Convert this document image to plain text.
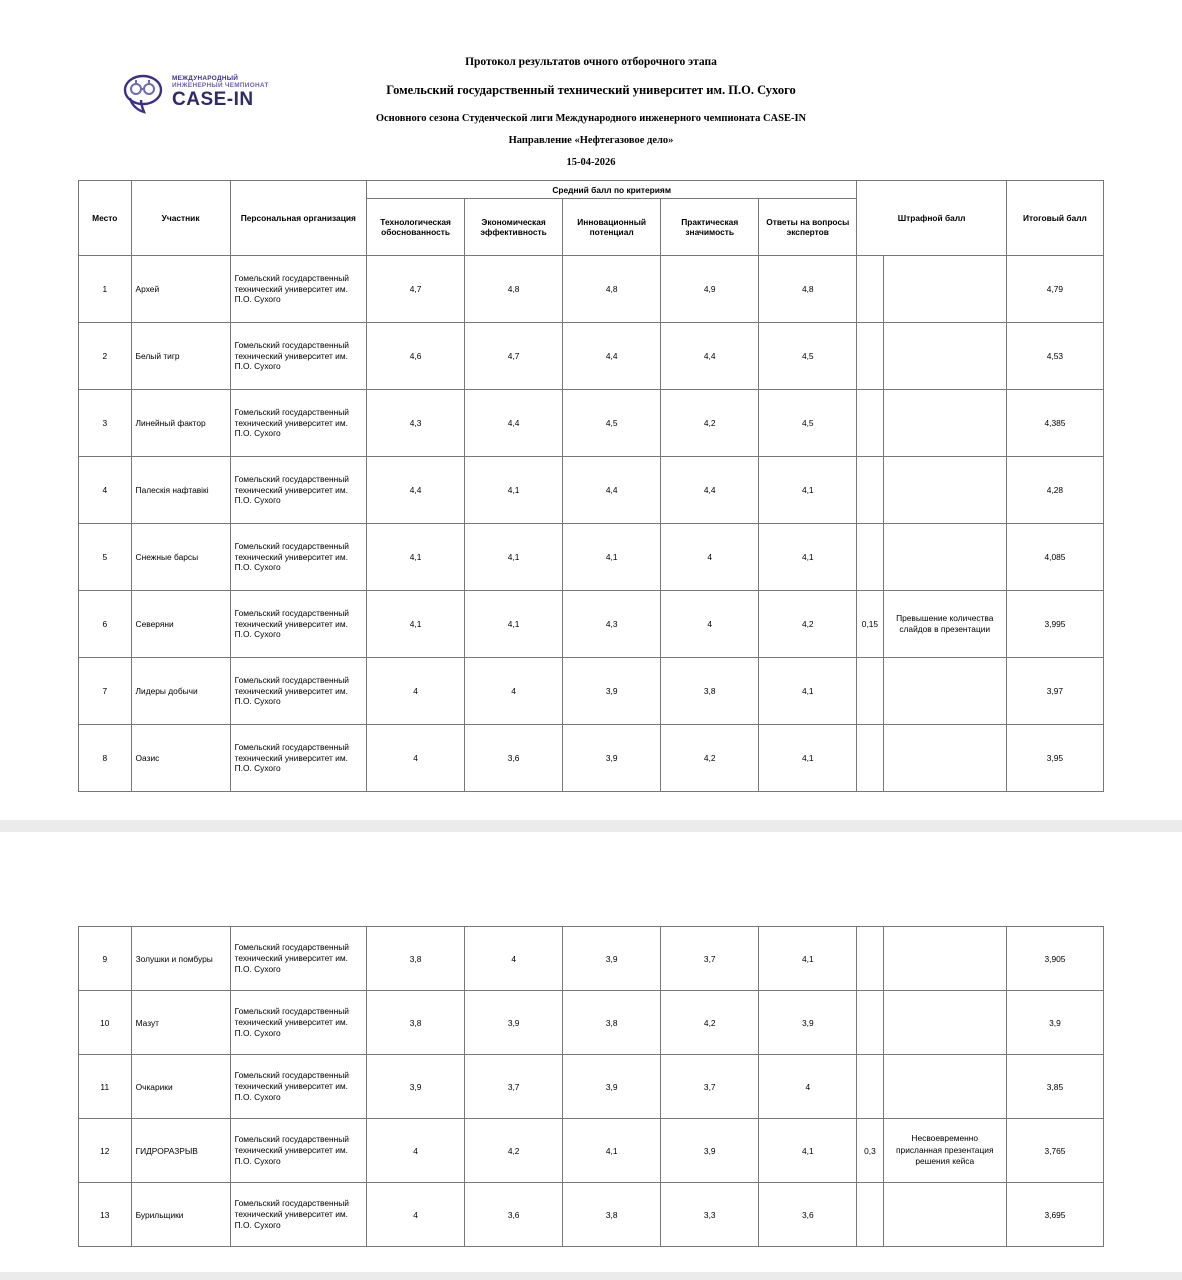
МЕЖДУНАРОДНЫЙ
ИНЖЕНЕРНЫЙ ЧЕМПИОНАТ
CASE-IN
Протокол результатов очного отборочного этапа
Гомельский государственный технический университет им. П.О. Сухого
Основного сезона Студенческой лиги Международного инженерного чемпионата CASE-IN
Направление «Нефтегазовое дело»
15-04-2026
Место	Участник	Персональная организация	Средний балл по критериям					Штрафной балл		Итоговый балл
			Технологическая обоснованность	Экономическая эффективность	Инновационный потенциал	Практическая значимость	Ответы на вопросы экспертов			
1	Архей	Гомельский государственный технический университет им. П.О. Сухого	4,7	4,8	4,8	4,9	4,8			4,79
2	Белый тигр	Гомельский государственный технический университет им. П.О. Сухого	4,6	4,7	4,4	4,4	4,5			4,53
3	Линейный фактор	Гомельский государственный технический университет им. П.О. Сухого	4,3	4,4	4,5	4,2	4,5			4,385
4	Палескія нафтавікі	Гомельский государственный технический университет им. П.О. Сухого	4,4	4,1	4,4	4,4	4,1			4,28
5	Снежные барсы	Гомельский государственный технический университет им. П.О. Сухого	4,1	4,1	4,1	4	4,1			4,085
6	Северяни	Гомельский государственный технический университет им. П.О. Сухого	4,1	4,1	4,3	4	4,2	0,15	Превышение количества слайдов в презентации	3,995
7	Лидеры добычи	Гомельский государственный технический университет им. П.О. Сухого	4	4	3,9	3,8	4,1			3,97
8	Оазис	Гомельский государственный технический университет им. П.О. Сухого	4	3,6	3,9	4,2	4,1			3,95
9	Золушки и помбуры	Гомельский государственный технический университет им. П.О. Сухого	3,8	4	3,9	3,7	4,1			3,905
10	Мазут	Гомельский государственный технический университет им. П.О. Сухого	3,8	3,9	3,8	4,2	3,9			3,9
11	Очкарики	Гомельский государственный технический университет им. П.О. Сухого	3,9	3,7	3,9	3,7	4			3,85
12	ГИДРОРАЗРЫВ	Гомельский государственный технический университет им. П.О. Сухого	4	4,2	4,1	3,9	4,1	0,3	Несвоевременно присланная презентация решения кейса	3,765
13	Бурильщики	Гомельский государственный технический университет им. П.О. Сухого	4	3,6	3,8	3,3	3,6			3,695
